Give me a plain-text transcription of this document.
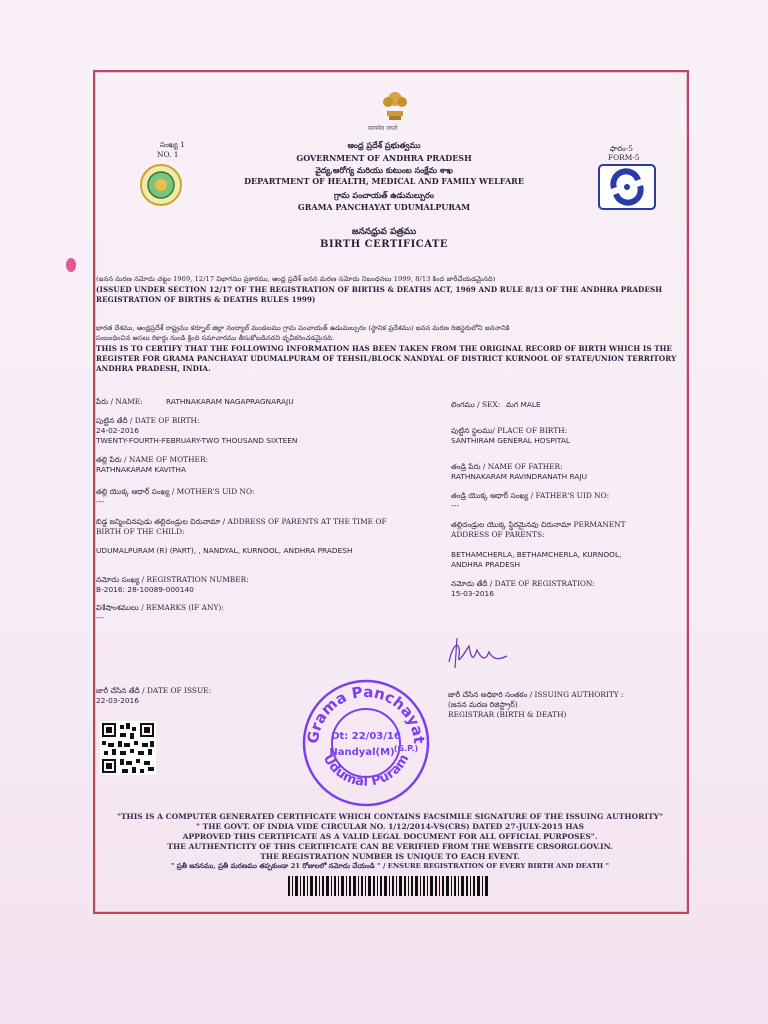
सत्यमेव जयते
సంఖ్య 1
NO. 1
ఫారం-5
FORM-5
ఆంధ్ర ప్రదేశ్ ప్రభుత్వము
GOVERNMENT OF ANDHRA PRADESH
వైద్య,ఆరోగ్య మరియు కుటుంబ సంక్షేమ శాఖ
DEPARTMENT OF HEALTH, MEDICAL AND FAMILY WELFARE
గ్రామ పంచాయత్ ఉడుమల్పురం
GRAMA PANCHAYAT UDUMALPURAM
జననధ్రువ పత్రము
BIRTH CERTIFICATE
(జనన మరణ నమోదు చట్టం 1969, 12/17 విభాగము ప్రకారము, ఆంధ్ర ప్రదేశ్ జనన మరణ నమోదు నిబంధనలు 1999, 8/13 కింద జారీచేయడమైనది)
(ISSUED UNDER SECTION 12/17 OF THE REGISTRATION OF BIRTHS & DEATHS ACT, 1969 AND RULE 8/13 OF THE ANDHRA PRADESH
REGISTRATION OF BIRTHS & DEATHS RULES 1999)
భారత దేశము, ఆంధ్రప్రదేశ్ రాష్ట్రము కర్నూల్ జిల్లా నంద్యాల్ మండలము గ్రామ పంచాయత్ ఉడుమల్పురం (స్థానిక ప్రదేశము) జనన మరణ రిజిస్టరులోని జననానికి
సంబంధించిన అసలు రికార్డు నుండి క్రింది సమాచారము తీసుకోబడినదని ధృవీకరించడమైనది.
THIS IS TO CERTIFY THAT THE FOLLOWING INFORMATION HAS BEEN TAKEN FROM THE ORIGINAL RECORD OF BIRTH WHICH IS THE
REGISTER FOR GRAMA PANCHAYAT UDUMALPURAM OF TEHSIL/BLOCK NANDYAL OF DISTRICT KURNOOL OF STATE/UNION TERRITORY
ANDHRA PRADESH, INDIA.
పేరు / NAME:	RATHNAKARAM NAGAPRAGNARAJU	లింగము / SEX: మగ MALE
పుట్టిన తేదీ / DATE OF BIRTH:
24-02-2016
TWENTY-FOURTH-FEBRUARY-TWO THOUSAND SIXTEEN
పుట్టిన స్థలము/ PLACE OF BIRTH:
SANTHIRAM GENERAL HOSPITAL
తల్లి పేరు / NAME OF MOTHER:
RATHNAKARAM KAVITHA	తండ్రి పేరు / NAME OF FATHER:
RATHNAKARAM RAVINDRANATH RAJU
తల్లి యొక్క ఆధార్ సంఖ్య / MOTHER'S UID NO:
---
తండ్రి యొక్క ఆధార్ సంఖ్య / FATHER'S UID NO:
---
బిడ్డ జన్మించినపుడు తల్లిదండ్రుల చిరునామా / ADDRESS OF PARENTS AT THE TIME OF
BIRTH OF THE CHILD:
UDUMALPURAM (R) (PART), , NANDYAL, KURNOOL, ANDHRA PRADESH
తల్లిదండ్రుల యొక్క స్థిరమైనవు చిరునామా PERMANENT
ADDRESS OF PARENTS:
BETHAMCHERLA, BETHAMCHERLA, KURNOOL,
ANDHRA PRADESH
నమోదు సంఖ్య / REGISTRATION NUMBER:
B-2016: 28-10089-000140
నమోదు తేదీ / DATE OF REGISTRATION:
15-03-2016
విశేషాంశములు / REMARKS (IF ANY):
---
జారీ చేసిన తేదీ / DATE OF ISSUE:
22-03-2016
జారీ చేసిన అధికారి సంతకం / ISSUING AUTHORITY :
(జనన మరణ రిజిస్ట్రార్)
REGISTRAR (BIRTH & DEATH)
Grama Panchayat
Udumal Puram
Dt: 22/03/16
Nandyal(M) (G.P.)
"THIS IS A COMPUTER GENERATED CERTIFICATE WHICH CONTAINS FACSIMILE SIGNATURE OF THE ISSUING AUTHORITY"
" THE GOVT. OF INDIA VIDE CIRCULAR NO. 1/12/2014-VS(CRS) DATED 27-JULY-2015 HAS
APPROVED THIS CERTIFICATE AS A VALID LEGAL DOCUMENT FOR ALL OFFICIAL PURPOSES".
THE AUTHENTICITY OF THIS CERTIFICATE CAN BE VERIFIED FROM THE WEBSITE CRSORGI.GOV.IN.
THE REGISTRATION NUMBER IS UNIQUE TO EACH EVENT.
" ప్రతీ జననము, ప్రతీ మరణము తప్పకుండా 21 రోజులలో నమోదు చేయండి " / ENSURE REGISTRATION OF EVERY BIRTH AND DEATH "
